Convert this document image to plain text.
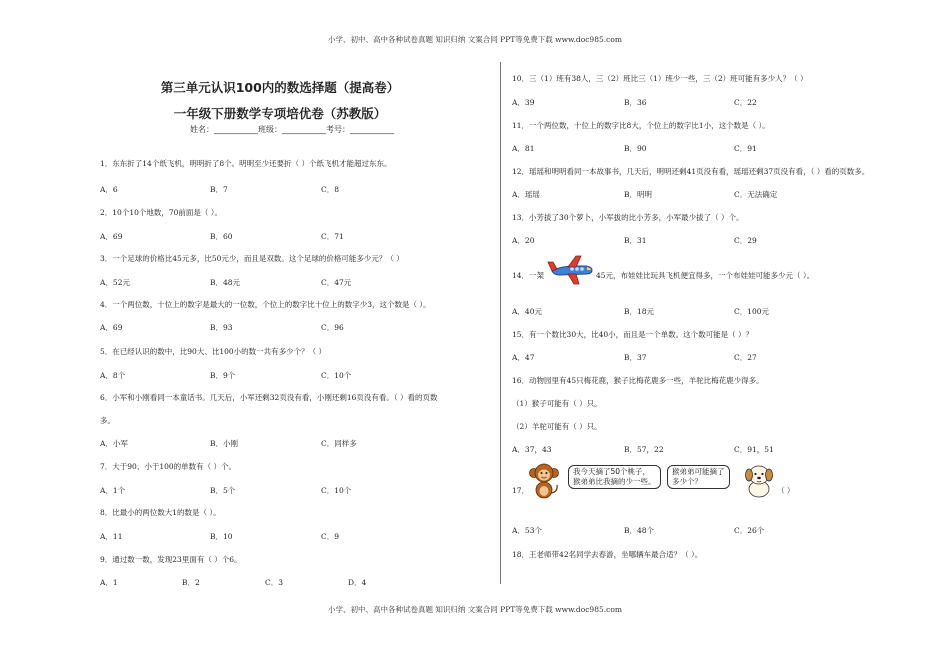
小学、初中、高中各种试卷真题 知识归纳 文案合同 PPT等免费下载 www.doc985.com
小学、初中、高中各种试卷真题 知识归纳 文案合同 PPT等免费下载 www.doc985.com
第三单元认识100内的数选择题（提高卷）
一年级下册数学专项培优卷（苏教版）
姓名：___________班级：___________考号：___________
1．东东折了14个纸飞机，明明折了8个。明明至少还要折（ ）个纸飞机才能超过东东。
A．6	B．7	C．8
2．10个10个地数，70前面是（ ）。
A．69	B．60	C．71
3．一个足球的价格比45元多，比50元少，而且是双数。这个足球的价格可能多少元？（ ）
A．52元	B．48元	C．47元
4．一个两位数，十位上的数字是最大的一位数，个位上的数字比十位上的数字少3，这个数是（ ）。
A．69	B．93	C．96
5．在已经认识的数中，比90大、比100小的数一共有多少个？（ ）
A．8个	B．9个	C．10个
6．小军和小刚看同一本童话书。几天后，小军还剩32页没有看，小刚还剩16页没有看。（ ）看的页数
多。
A．小军	B．小刚	C．同样多
7．大于90、小于100的单数有（ ）个。
A．1个	B．5个	C．10个
8．比最小的两位数大1的数是（ ）。
A．11	B．10	C．9
9．通过数一数，发现23里面有（ ）个6。
A．1	B．2	C．3	D．4
10．三（1）班有38人，三（2）班比三（1）班少一些，三（2）班可能有多少人？（ ）
A．39	B．36	C．22
11．一个两位数，十位上的数字比8大，个位上的数字比1小，这个数是（ ）。
A．81	B．90	C．91
12．瑶瑶和明明看同一本故事书，几天后，明明还剩41页没有看，瑶瑶还剩37页没有看，（ ）看的页数多。
A．瑶瑶	B．明明	C．无法确定
13．小芳拔了30个萝卜，小军拔的比小芳多，小军最少拔了（ ）个。
A．20	B．31	C．29
14．一架	45元，布娃娃比玩具飞机便宜得多，一个布娃娃可能多少元（ ）。
A．40元	B．18元	C．100元
15．有一个数比30大，比40小，而且是一个单数。这个数可能是（ ）？
A．47	B．37	C．27
16．动物园里有45只梅花鹿，猴子比梅花鹿多一些，羊驼比梅花鹿少得多。
（1）猴子可能有（ ）只。
（2）羊驼可能有（ ）只。
A．37，43	B．57，22	C．91，51
17．
我今天摘了50个桃子，
猴弟弟比我摘的少一些。
猴弟弟可能摘了
多少个？
（ ）
A．53个	B．48个	C．26个
18．王老师带42名同学去春游，坐哪辆车最合适？（ ）。
